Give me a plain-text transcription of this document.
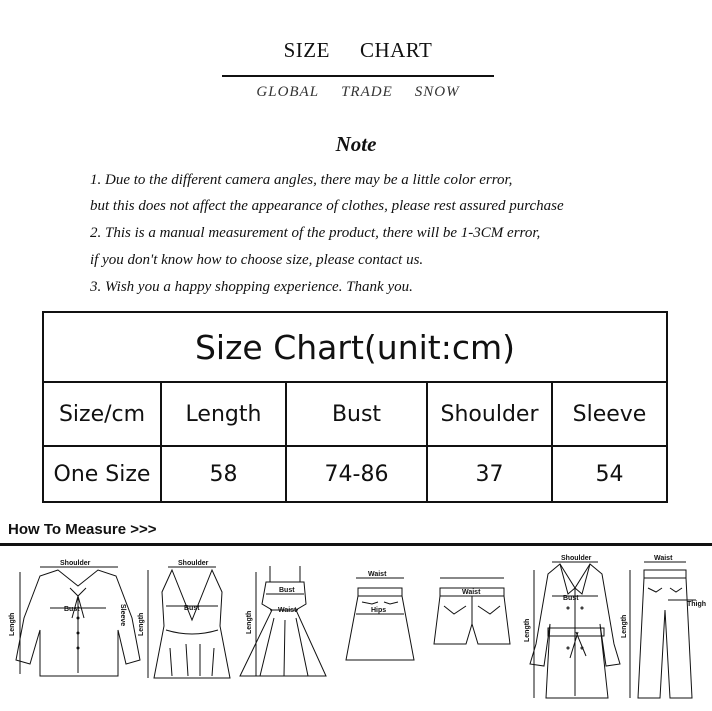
SIZE CHART
GLOBAL TRADE SNOW
Note
1. Due to the different camera angles, there may be a little color error,
but this does not affect the appearance of clothes, please rest assured purchase
2. This is a manual measurement of the product, there will be 1-3CM error,
if you don't know how to choose size, please contact us.
3. Wish you a happy shopping experience. Thank you.
Size Chart(unit:cm)				
Size/cm	Length	Bust	Shoulder	Sleeve
One Size	58	74-86	37	54
How To Measure >>>
Shoulder
Bust	Sleeve
Length
Shoulder
Bust
Length
Bust
Waist
Length
Waist
Hips
Waist
Shoulder
Bust
Length
Waist
Thigh
Length
